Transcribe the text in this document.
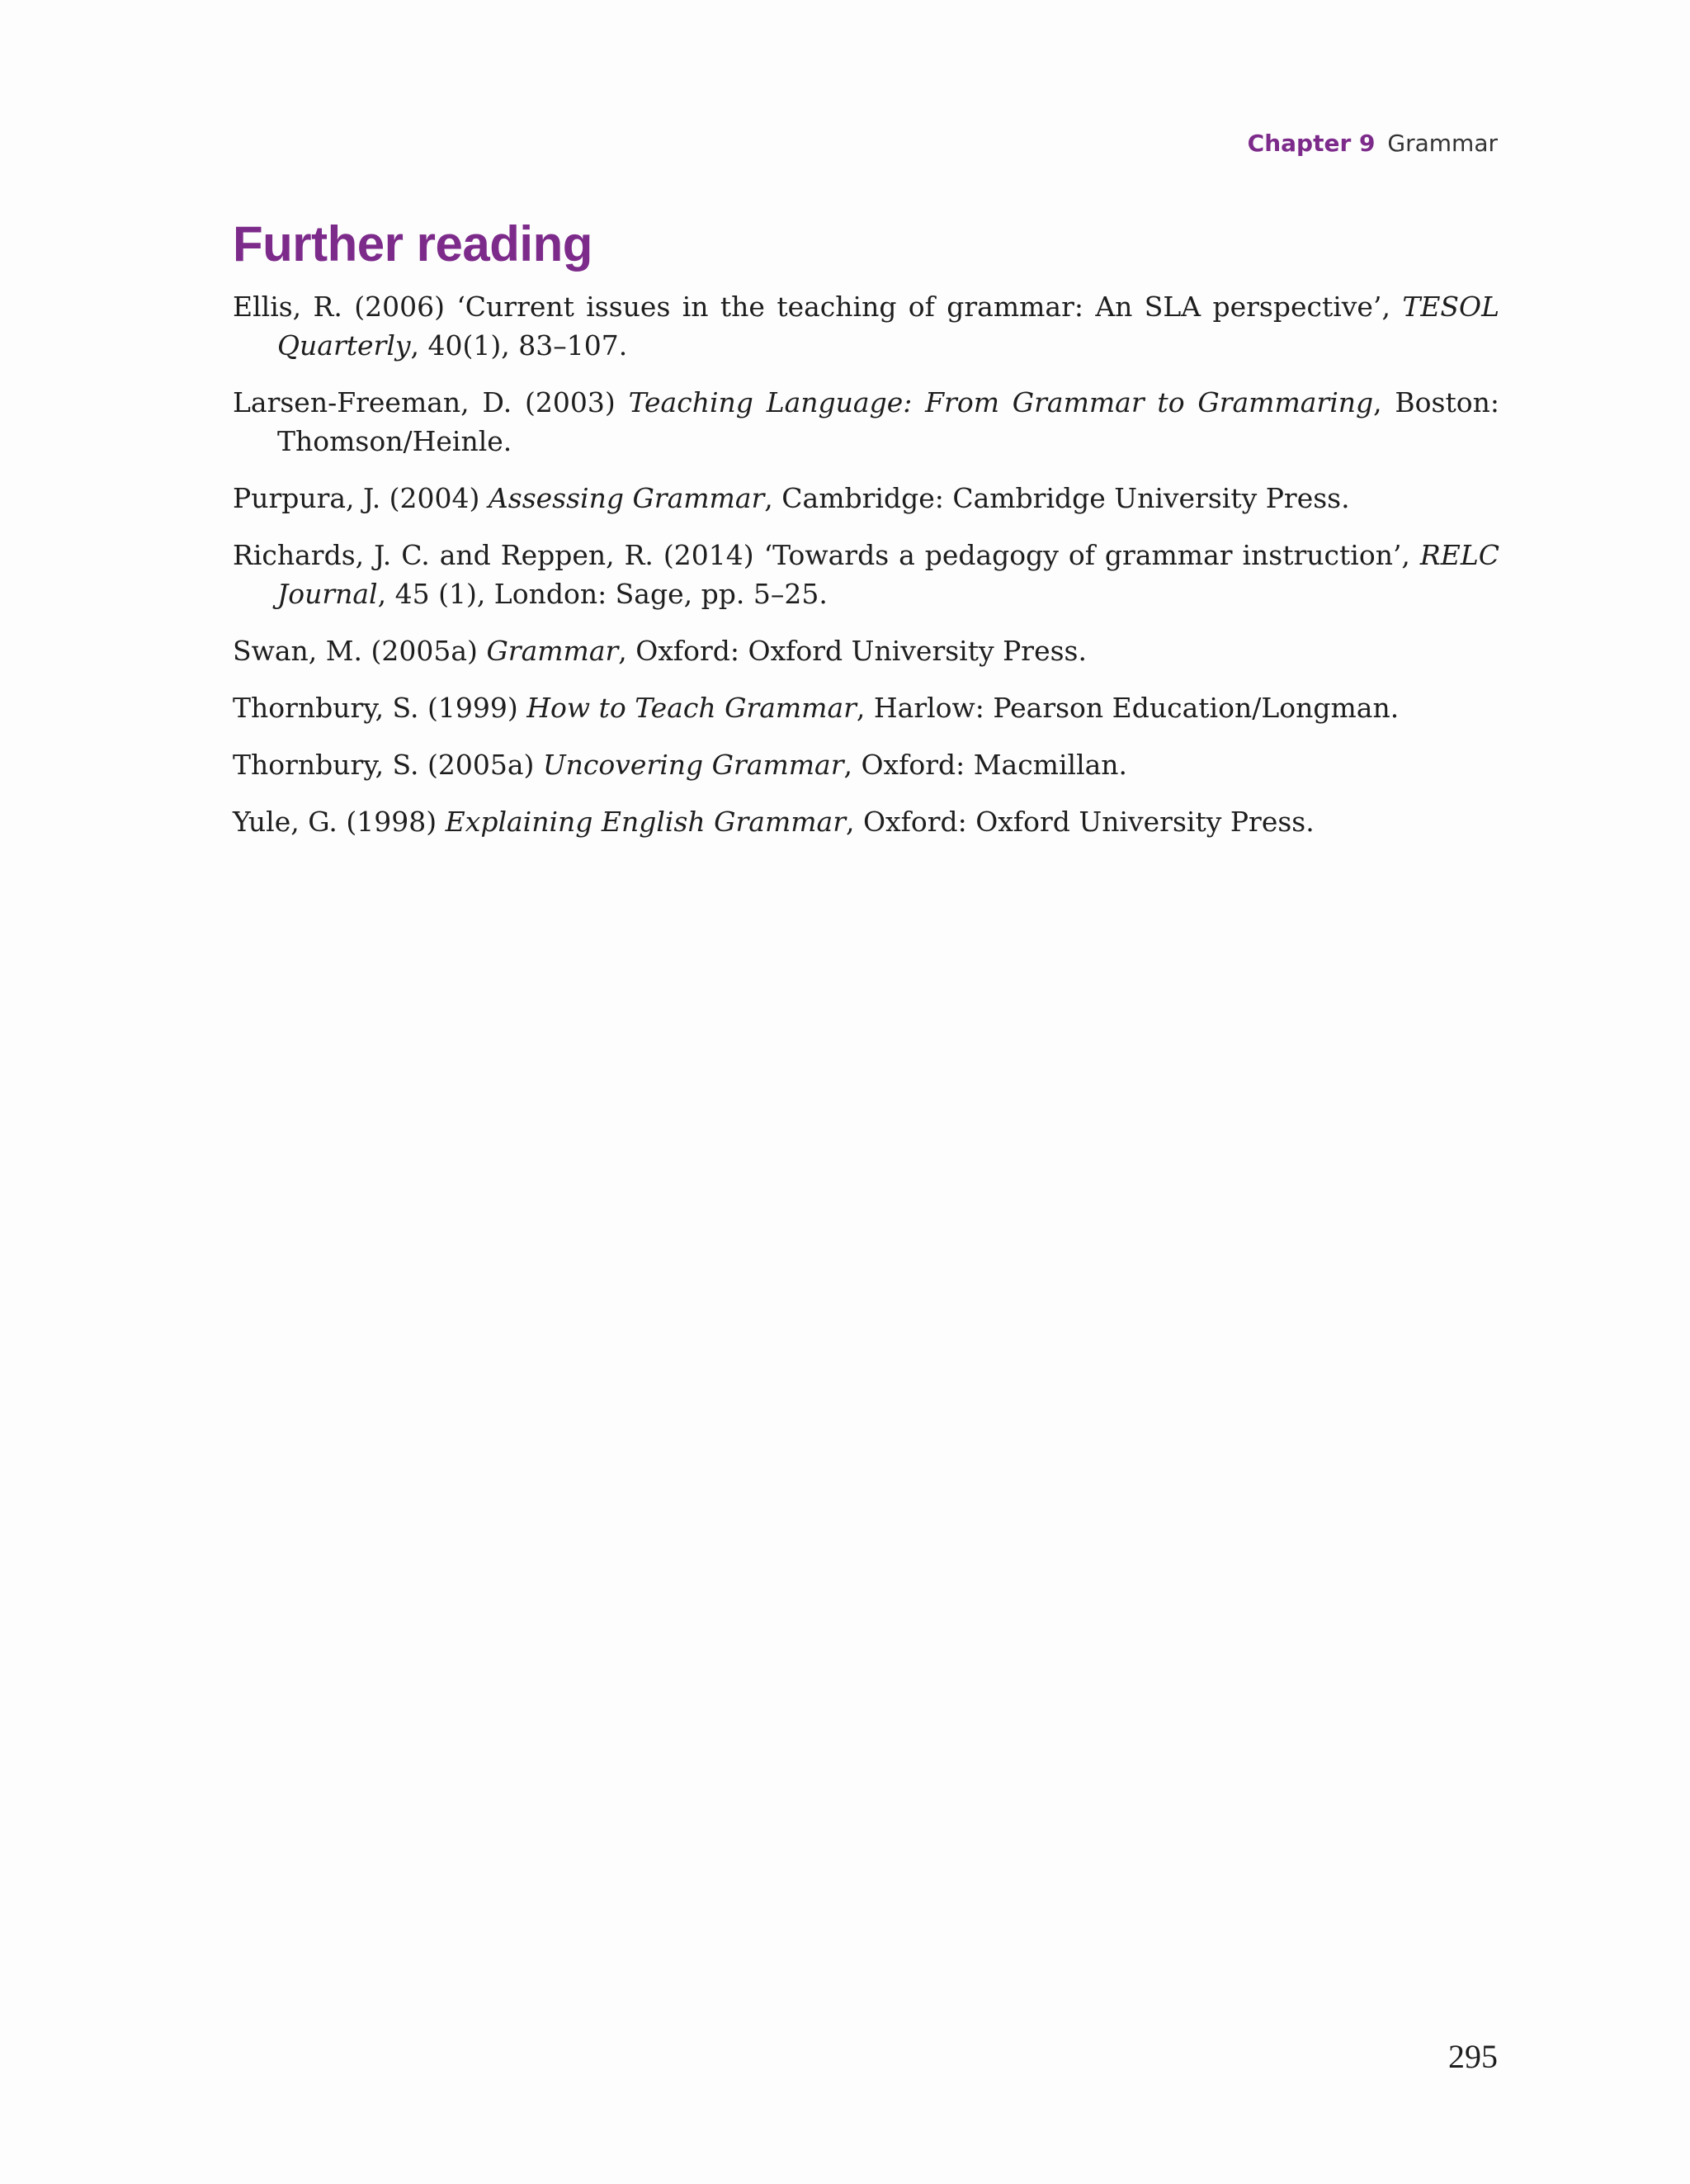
Chapter 9 Grammar
Further reading
Ellis, R. (2006) ‘Current issues in the teaching of grammar: An SLA perspective’, TESOL Quarterly, 40(1), 83–107.
Larsen-Freeman, D. (2003) Teaching Language: From Grammar to Grammaring, Boston: Thomson/Heinle.
Purpura, J. (2004) Assessing Grammar, Cambridge: Cambridge University Press.
Richards, J. C. and Reppen, R. (2014) ‘Towards a pedagogy of grammar instruction’, RELC Journal, 45 (1), London: Sage, pp. 5–25.
Swan, M. (2005a) Grammar, Oxford: Oxford University Press.
Thornbury, S. (1999) How to Teach Grammar, Harlow: Pearson Education/Longman.
Thornbury, S. (2005a) Uncovering Grammar, Oxford: Macmillan.
Yule, G. (1998) Explaining English Grammar, Oxford: Oxford University Press.
295
